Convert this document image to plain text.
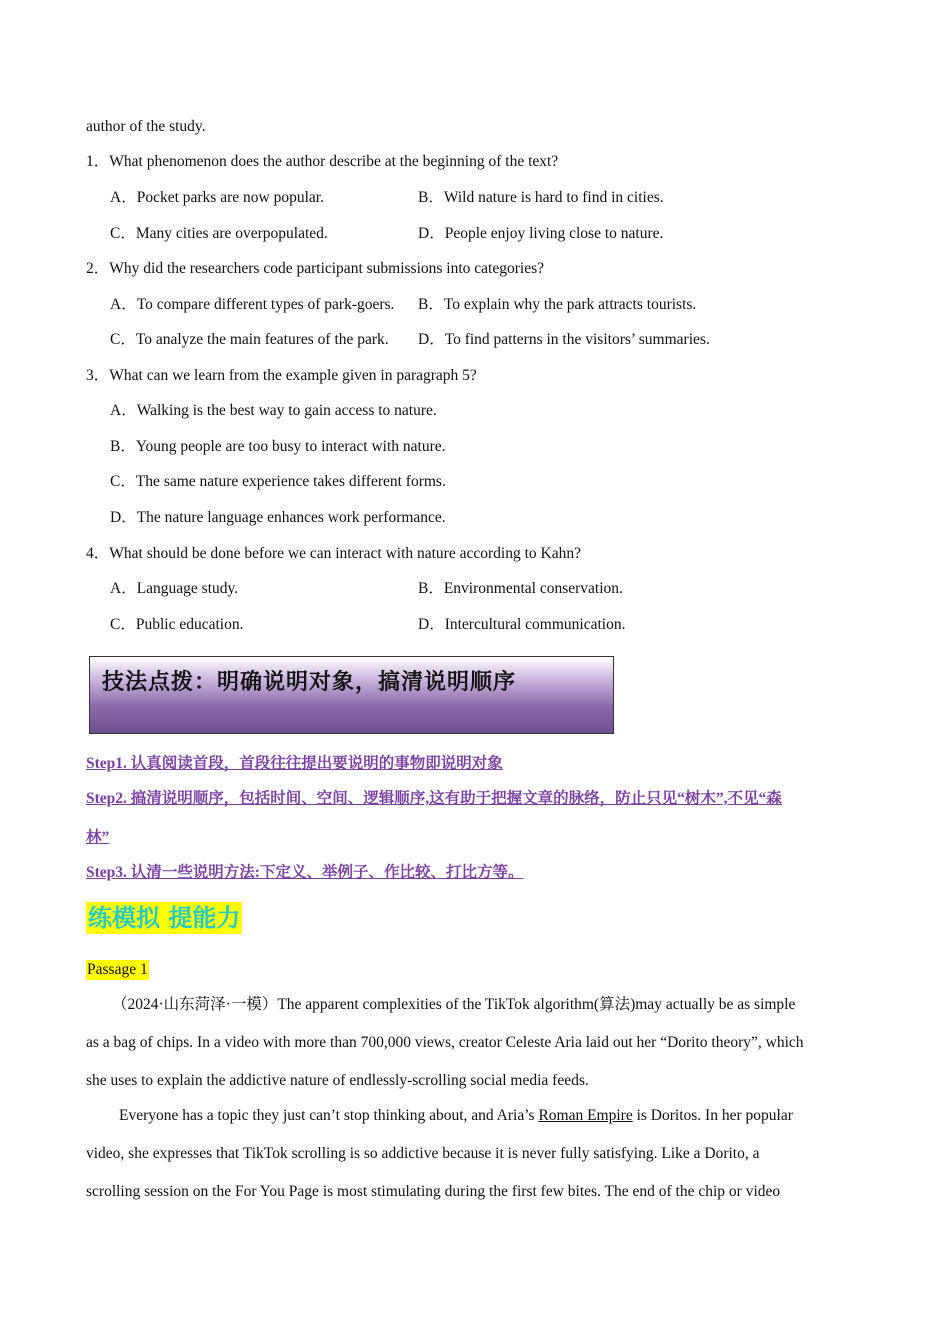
author of the study.
1．What phenomenon does the author describe at the beginning of the text?
A．Pocket parks are now popular.	B．Wild nature is hard to find in cities.
C．Many cities are overpopulated.	D．People enjoy living close to nature.
2．Why did the researchers code participant submissions into categories?
A．To compare different types of park-goers. B．To explain why the park attracts tourists.
C．To analyze the main features of the park. D．To find patterns in the visitors’ summaries.
3．What can we learn from the example given in paragraph 5?
A．Walking is the best way to gain access to nature.
B．Young people are too busy to interact with nature.
C．The same nature experience takes different forms.
D．The nature language enhances work performance.
4．What should be done before we can interact with nature according to Kahn?
A．Language study.	B．Environmental conservation.
C．Public education.	D．Intercultural communication.
技法点拨：明确说明对象，搞清说明顺序
Step1. 认真阅读首段，首段往往提出要说明的事物即说明对象
Step2. 搞清说明顺序，包括时间、空间、逻辑顺序,这有助于把握文章的脉络，防止只见“树木”,不见“森
林”
Step3. 认清一些说明方法:下定义、举例子、作比较、打比方等。
练模拟 提能力
Passage 1
（2024·山东菏泽·一模）The apparent complexities of the TikTok algorithm(算法)may actually be as simple
as a bag of chips. In a video with more than 700,000 views, creator Celeste Aria laid out her “Dorito theory”, which
she uses to explain the addictive nature of endlessly-scrolling social media feeds.
Everyone has a topic they just can’t stop thinking about, and Aria’s Roman Empire is Doritos. In her popular
video, she expresses that TikTok scrolling is so addictive because it is never fully satisfying. Like a Dorito, a
scrolling session on the For You Page is most stimulating during the first few bites. The end of the chip or video
